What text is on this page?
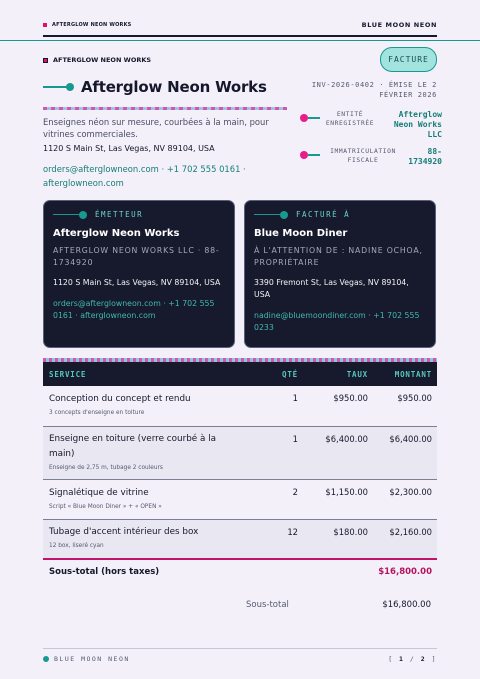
AFTERGLOW NEON WORKS	BLUE MOON NEON
AFTERGLOW NEON WORKS	FACTURE
Afterglow Neon Works
Enseignes néon sur mesure, courbées à la main, pour vitrines commerciales.
1120 S Main St, Las Vegas, NV 89104, USA
orders@afterglowneon.com · +1 702 555 0161 · afterglowneon.com
INV-2026-0402 · ÉMISE LE 2
FÉVRIER 2026
ENTITÉ ENREGISTRÉE
Afterglow Neon Works LLC
IMMATRICULATION FISCALE
88-1734920
ÉMETTEUR
Afterglow Neon Works
AFTERGLOW NEON WORKS LLC · 88-1734920
1120 S Main St, Las Vegas, NV 89104, USA
orders@afterglowneon.com · +1 702 555 0161 · afterglowneon.com
FACTURÉ À
Blue Moon Diner
À L'ATTENTION DE : NADINE OCHOA, PROPRIÉTAIRE
3390 Fremont St, Las Vegas, NV 89104, USA
nadine@bluemoondiner.com · +1 702 555 0233
SERVICE	QTÉ	TAUX	MONTANT
Conception du concept et rendu
3 concepts d'enseigne en toiture
1	$950.00	$950.00
Enseigne en toiture (verre courbé à la main)
Enseigne de 2,75 m, tubage 2 couleurs
1	$6,400.00	$6,400.00
Signalétique de vitrine
Script « Blue Moon Diner » + « OPEN »
2	$1,150.00	$2,300.00
Tubage d'accent intérieur des box
12 box, liseré cyan
12	$180.00	$2,160.00
Sous-total (hors taxes)	$16,800.00
Sous-total	$16,800.00
BLUE MOON NEON	[ 1 / 2 ]
